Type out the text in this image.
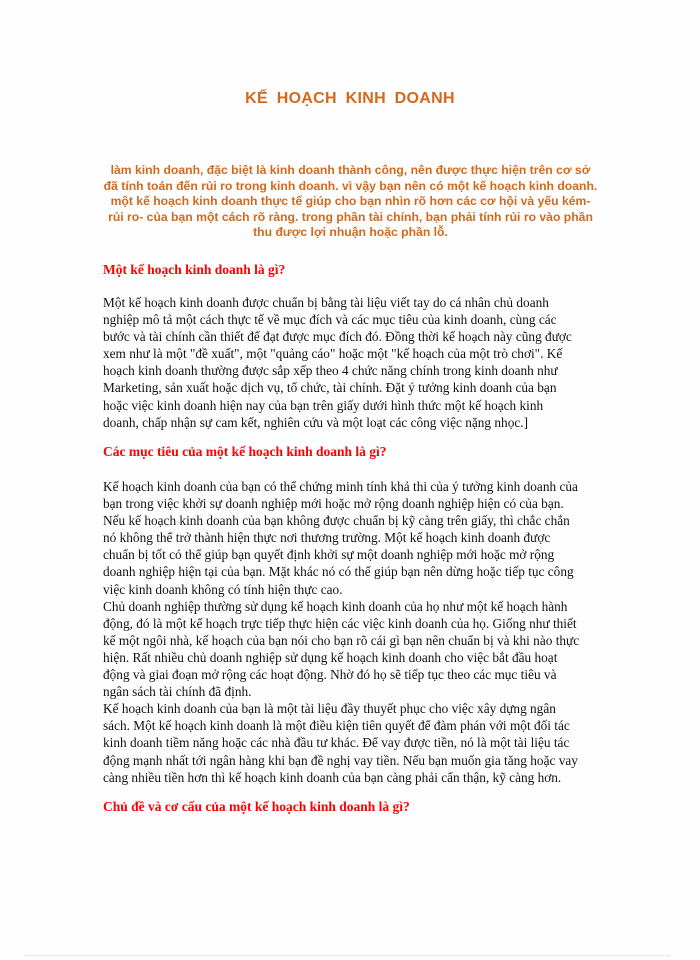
KẾ HOẠCH KINH DOANH
làm kinh doanh, đặc biệt là kinh doanh thành công, nên được thực hiện trên cơ sở đã tính toán đến rủi ro trong kinh doanh. vì vậy bạn nên có một kế hoạch kinh doanh. một kế hoạch kinh doanh thực tế giúp cho bạn nhìn rõ hơn các cơ hội và yếu kém- rủi ro- của bạn một cách rõ ràng. trong phần tài chính, bạn phải tính rủi ro vào phần thu được lợi nhuận hoặc phần lỗ.
Một kế hoạch kinh doanh là gì?
Một kế hoạch kinh doanh được chuẩn bị bằng tài liệu viết tay do cá nhân chủ doanh
nghiệp mô tả một cách thực tế về mục đích và các mục tiêu của kinh doanh, cùng các
bước và tài chính cần thiết để đạt được mục đích đó. Đồng thời kế hoạch này cũng được
xem như là một "đề xuất", một "quảng cáo" hoặc một "kế hoạch của một trò chơi". Kế
hoạch kinh doanh thường được sắp xếp theo 4 chức năng chính trong kinh doanh như
Marketing, sản xuất hoặc dịch vụ, tổ chức, tài chính. Đặt ý tưởng kinh doanh của bạn
hoặc việc kinh doanh hiện nay của bạn trên giấy dưới hình thức một kế hoạch kinh
doanh, chấp nhận sự cam kết, nghiên cứu và một loạt các công việc nặng nhọc.]
Các mục tiêu của một kế hoạch kinh doanh là gì?
Kế hoạch kinh doanh của bạn có thể chứng minh tính khả thi của ý tưởng kinh doanh của
bạn trong việc khởi sự doanh nghiệp mới hoặc mở rộng doanh nghiệp hiện có của bạn.
Nếu kế hoạch kinh doanh của bạn không được chuẩn bị kỹ càng trên giấy, thì chắc chắn
nó không thể trở thành hiện thực nơi thương trường. Một kế hoạch kinh doanh được
chuẩn bị tốt có thể giúp bạn quyết định khởi sự một doanh nghiệp mới hoặc mở rộng
doanh nghiệp hiện tại của bạn. Mặt khác nó có thể giúp bạn nên dừng hoặc tiếp tục công
việc kinh doanh không có tính hiện thực cao.
Chủ doanh nghiệp thường sử dụng kế hoạch kinh doanh của họ như một kế hoạch hành
động, đó là một kế hoạch trực tiếp thực hiện các việc kinh doanh của họ. Giống như thiết
kế một ngôi nhà, kế hoạch của bạn nói cho bạn rõ cái gì bạn nên chuẩn bị và khi nào thực
hiện. Rất nhiều chủ doanh nghiệp sử dụng kế hoạch kinh doanh cho việc bắt đầu hoạt
động và giai đoạn mở rộng các hoạt động. Nhờ đó họ sẽ tiếp tục theo các mục tiêu và
ngân sách tài chính đã định.
Kế hoạch kinh doanh của bạn là một tài liệu đầy thuyết phục cho việc xây dựng ngân
sách. Một kế hoạch kinh doanh là một điều kiện tiên quyết để đàm phán với một đối tác
kinh doanh tiềm năng hoặc các nhà đầu tư khác. Để vay được tiền, nó là một tài liệu tác
động mạnh nhất tới ngân hàng khi bạn đề nghị vay tiền. Nếu bạn muốn gia tăng hoặc vay
càng nhiều tiền hơn thì kế hoạch kinh doanh của bạn càng phải cẩn thận, kỹ càng hơn.
Chủ đề và cơ cấu của một kế hoạch kinh doanh là gì?
